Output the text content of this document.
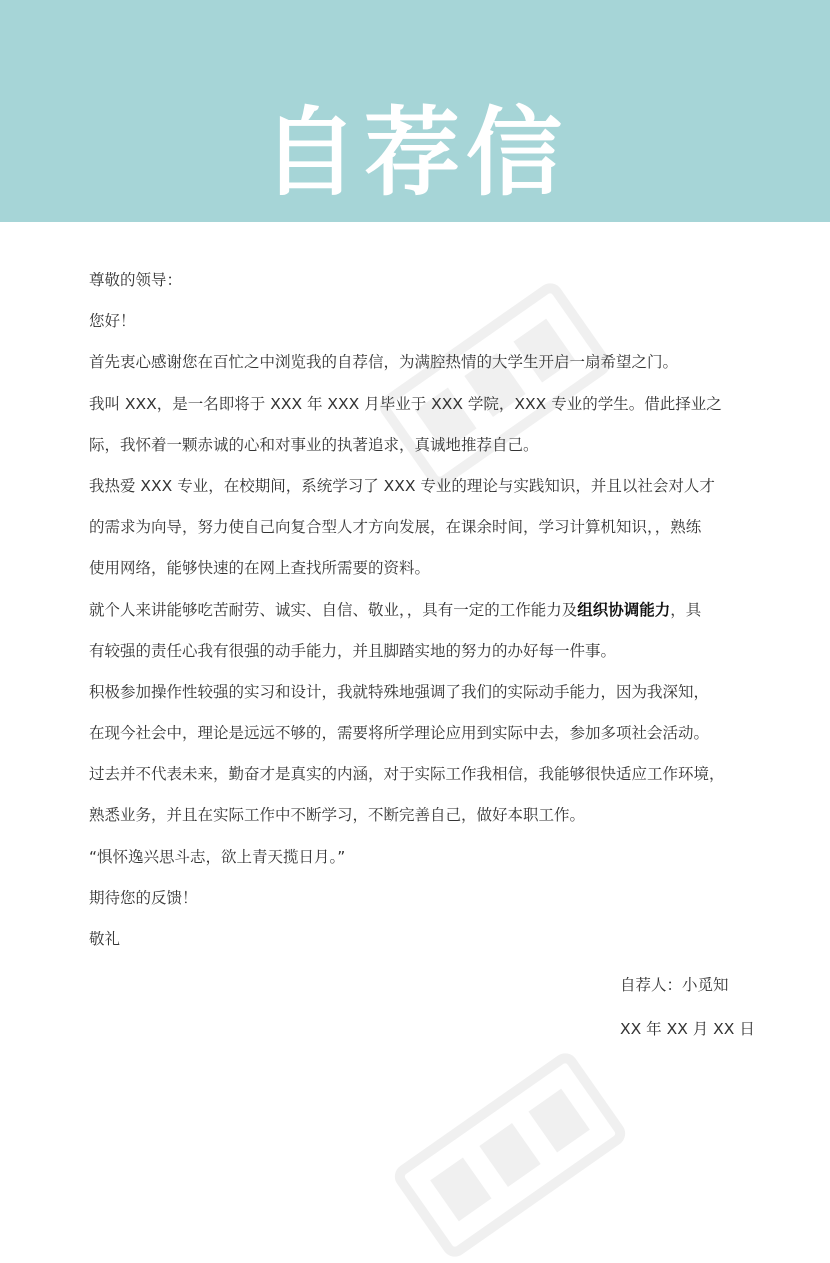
自荐信
尊敬的领导：
您好！
首先衷心感谢您在百忙之中浏览我的自荐信，为满腔热情的大学生开启一扇希望之门。
我叫 XXX，是一名即将于 XXX 年 XXX 月毕业于 XXX 学院，XXX 专业的学生。借此择业之
际，我怀着一颗赤诚的心和对事业的执著追求，真诚地推荐自己。
我热爱 XXX 专业，在校期间，系统学习了 XXX 专业的理论与实践知识，并且以社会对人才
的需求为向导，努力使自己向复合型人才方向发展，在课余时间，学习计算机知识，，熟练
使用网络，能够快速的在网上查找所需要的资料。
就个人来讲能够吃苦耐劳、诚实、自信、敬业，，具有一定的工作能力及组织协调能力，具
有较强的责任心我有很强的动手能力，并且脚踏实地的努力的办好每一件事。
积极参加操作性较强的实习和设计，我就特殊地强调了我们的实际动手能力，因为我深知，
在现今社会中，理论是远远不够的，需要将所学理论应用到实际中去，参加多项社会活动。
过去并不代表未来，勤奋才是真实的内涵，对于实际工作我相信，我能够很快适应工作环境，
熟悉业务，并且在实际工作中不断学习，不断完善自己，做好本职工作。
“惧怀逸兴思斗志，欲上青天揽日月。”
期待您的反馈！
敬礼
自荐人：小觅知
XX 年 XX 月 XX 日
